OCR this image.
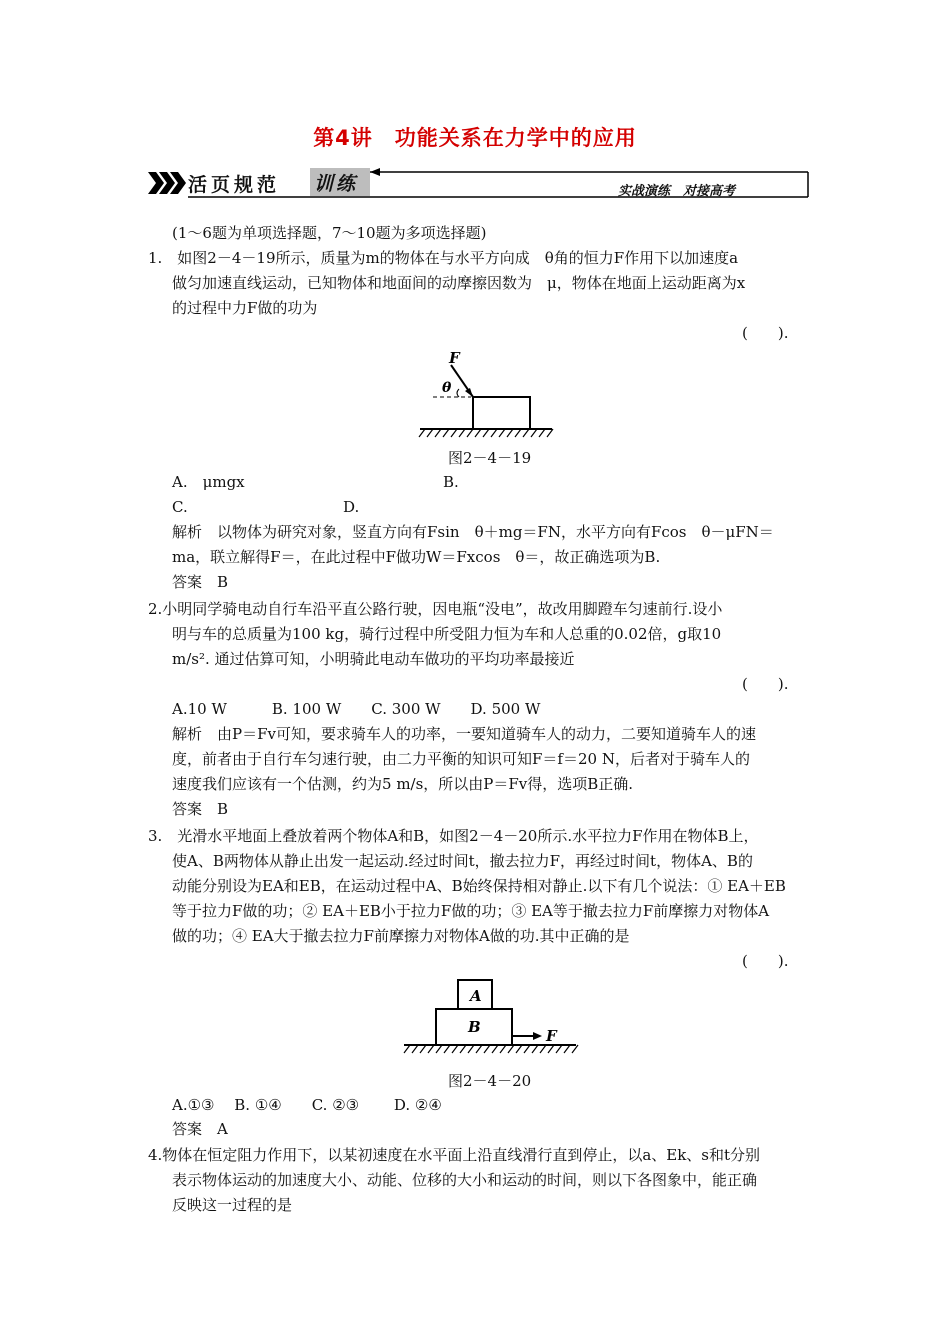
第4讲　功能关系在力学中的应用
活页规范 训练	实战演练　对接高考
(1～6题为单项选择题，7～10题为多项选择题)
1.　如图2－4－19所示，质量为m的物体在与水平方向成　θ角的恒力F作用下以加速度a
做匀加速直线运动，已知物体和地面间的动摩擦因数为　μ，物体在地面上运动距离为x
的过程中力F做的功为
(　　).
F
θ
图2－4－19
A.　μmgx	B.
C.	D.
解析　以物体为研究对象，竖直方向有Fsin　θ＋mg＝FN，水平方向有Fcos　θ－μFN＝
ma，联立解得F＝，在此过程中F做功W＝Fxcos　θ＝，故正确选项为B.
答案　B
2.小明同学骑电动自行车沿平直公路行驶，因电瓶“没电”，故改用脚蹬车匀速前行.设小
明与车的总质量为100 kg，骑行过程中所受阻力恒为车和人总重的0.02倍，g取10
m/s². 通过估算可知，小明骑此电动车做功的平均功率最接近
(　　).
A.10 W　　　B. 100 W　　C. 300 W　　D. 500 W
解析　由P＝Fv可知，要求骑车人的功率，一要知道骑车人的动力，二要知道骑车人的速
度，前者由于自行车匀速行驶，由二力平衡的知识可知F＝f＝20 N，后者对于骑车人的
速度我们应该有一个估测，约为5 m/s，所以由P＝Fv得，选项B正确.
答案　B
3.　光滑水平地面上叠放着两个物体A和B，如图2－4－20所示.水平拉力F作用在物体B上，
使A、B两物体从静止出发一起运动.经过时间t，撤去拉力F，再经过时间t，物体A、B的
动能分别设为EA和EB，在运动过程中A、B始终保持相对静止.以下有几个说法：① EA＋EB
等于拉力F做的功；② EA＋EB小于拉力F做的功；③ EA等于撤去拉力F前摩擦力对物体A
做的功；④ EA大于撤去拉力F前摩擦力对物体A做的功.其中正确的是
(　　).
A
B	F
图2－4－20
A.①③　 B. ①④　　C. ②③　　 D. ②④
答案　A
4.物体在恒定阻力作用下，以某初速度在水平面上沿直线滑行直到停止，以a、Ek、s和t分别
表示物体运动的加速度大小、动能、位移的大小和运动的时间，则以下各图象中，能正确
反映这一过程的是
